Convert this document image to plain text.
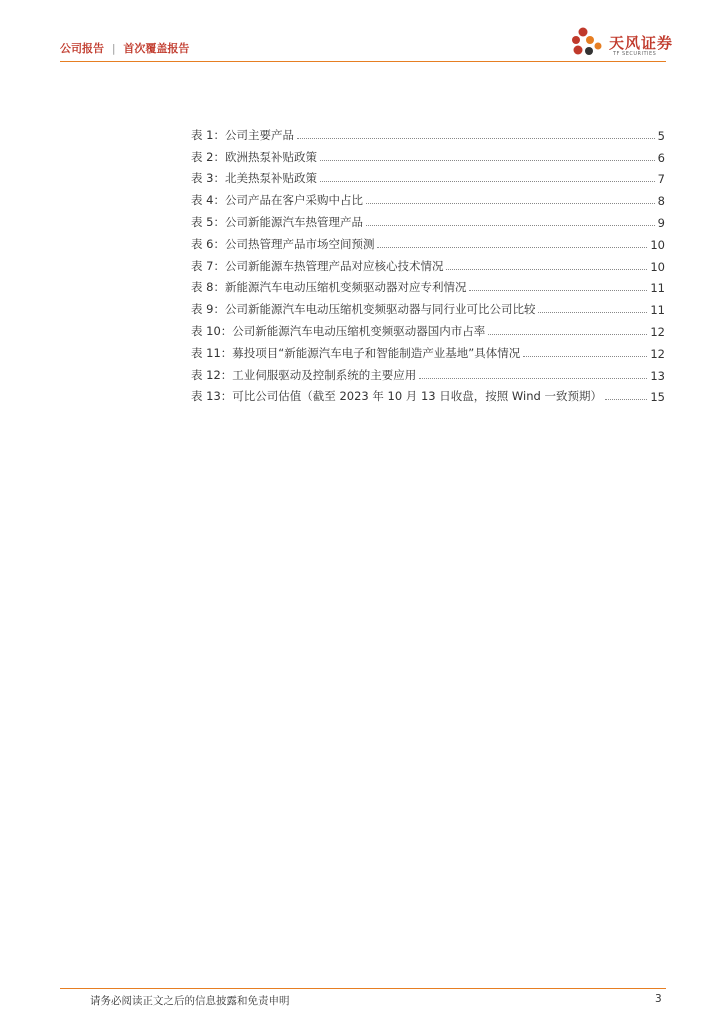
公司报告 | 首次覆盖报告	天风证券
TF SECURITIES
表 1：公司主要产品	5
表 2：欧洲热泵补贴政策	6
表 3：北美热泵补贴政策	7
表 4：公司产品在客户采购中占比	8
表 5：公司新能源汽车热管理产品	9
表 6：公司热管理产品市场空间预测	10
表 7：公司新能源车热管理产品对应核心技术情况	10
表 8：新能源汽车电动压缩机变频驱动器对应专利情况	11
表 9：公司新能源汽车电动压缩机变频驱动器与同行业可比公司比较	11
表 10：公司新能源汽车电动压缩机变频驱动器国内市占率	12
表 11：募投项目“新能源汽车电子和智能制造产业基地”具体情况	12
表 12：工业伺服驱动及控制系统的主要应用	13
表 13：可比公司估值（截至 2023 年 10 月 13 日收盘，按照 Wind 一致预期）	15
请务必阅读正文之后的信息披露和免责申明	3
